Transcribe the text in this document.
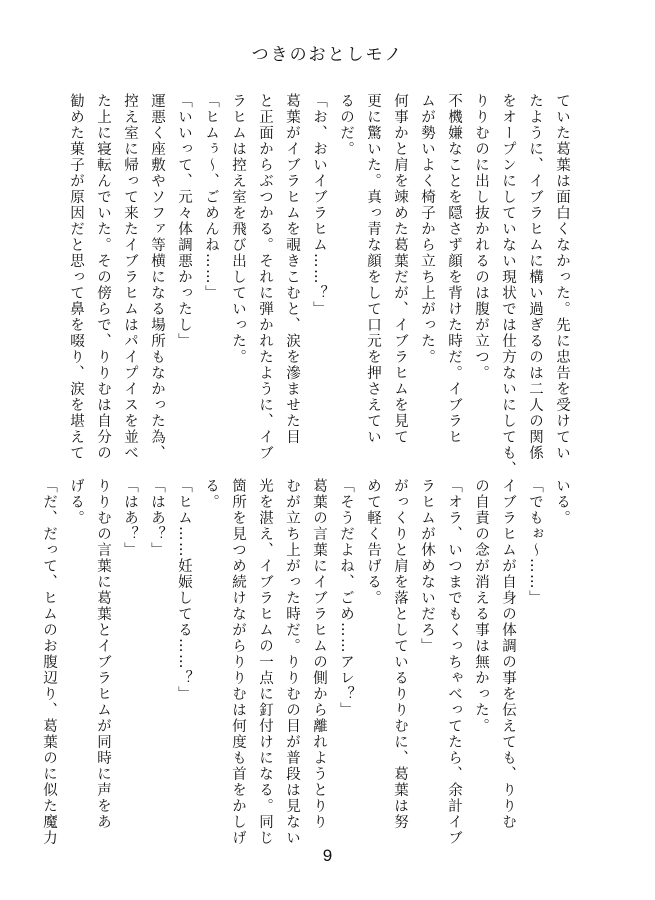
つきのおとしモノ
ていた葛葉は面白くなかった。先に忠告を受けてい
たように、イブラヒムに構い過ぎるのは二人の関係
をオープンにしていない現状では仕方ないにしても、
りりむのに出し抜かれるのは腹が立つ。
不機嫌なことを隠さず顔を背けた時だ。イブラヒ
ムが勢いよく椅子から立ち上がった。
何事かと肩を竦めた葛葉だが、イブラヒムを見て
更に驚いた。真っ青な顔をして口元を押さえてい
るのだ。
「お、おいイブラヒム……？」
葛葉がイブラヒムを覗きこむと、涙を滲ませた目
と正面からぶつかる。それに弾かれたように、イブ
ラヒムは控え室を飛び出していった。
「ヒムぅ〜、ごめんね……」
「いいって、元々体調悪かったし」
運悪く座敷やソファ等横になる場所もなかった為、
控え室に帰って来たイブラヒムはパイプイスを並べ
た上に寝転んでいた。その傍らで、りりむは自分の
勧めた菓子が原因だと思って鼻を啜り、涙を堪えて
いる。
「でもぉ〜……」
イブラヒムが自身の体調の事を伝えても、りりむ
の自責の念が消える事は無かった。
「オラ、いつまでもくっちゃべってたら、余計イブ
ラヒムが休めないだろ」
がっくりと肩を落としているりりむに、葛葉は努
めて軽く告げる。
「そうだよね、ごめ……アレ？」
葛葉の言葉にイブラヒムの側から離れようとりり
むが立ち上がった時だ。りりむの目が普段は見ない
光を湛え、イブラヒムの一点に釘付けになる。同じ
箇所を見つめ続けながらりりむは何度も首をかしげ
る。
「ヒム……妊娠してる……？」
「はあ？」
「はあ？」
りりむの言葉に葛葉とイブラヒムが同時に声をあ
げる。
「だ、だって、ヒムのお腹辺り、葛葉のに似た魔力
9
